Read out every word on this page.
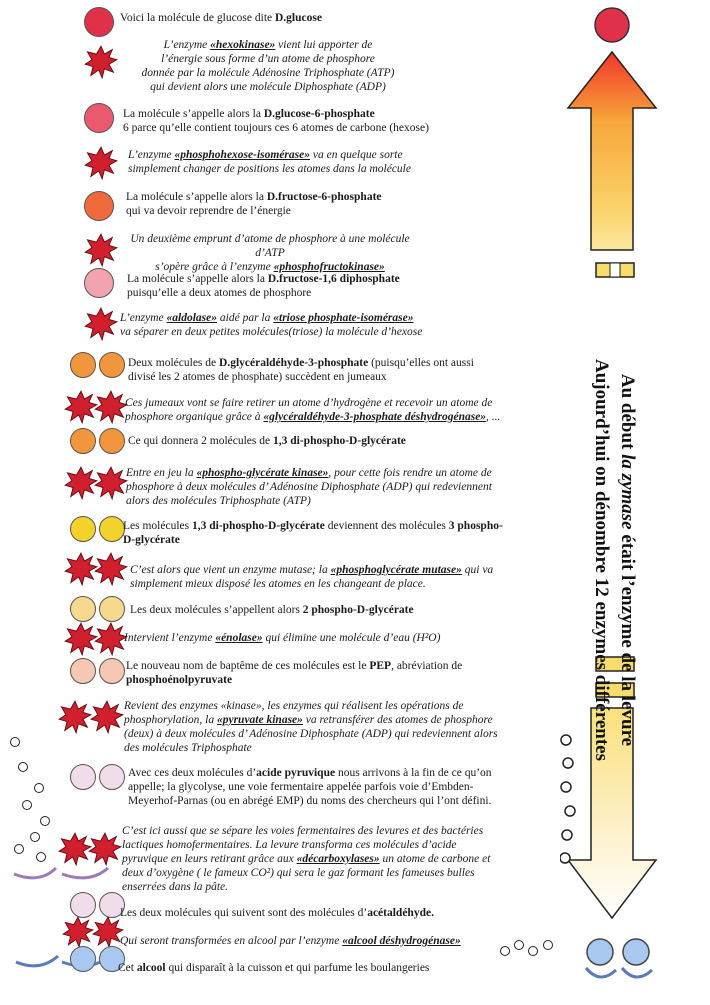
Au début la zymase était l’enzyme de la levure
Aujourd’hui on dénombre 12 enzymes différentes
Voici la molécule de glucose dite D.glucose
L’enzyme «hexokinase» vient lui apporter de
l’énergie sous forme d’un atome de phosphore
donnée par la molécule Adénosine Triphosphate (ATP)
qui devient alors une molécule Diphosphate (ADP)
La molécule s’appelle alors la D.glucose-6-phosphate
6 parce qu’elle contient toujours ces 6 atomes de carbone (hexose)
L’enzyme «phosphohexose-isomérase» va en quelque sorte
simplement changer de positions les atomes dans la molécule
La molécule s’appelle alors la D.fructose-6-phosphate
qui va devoir reprendre de l’énergie
Un deuxième emprunt d’atome de phosphore à une molécule d’ATP
s’opère grâce à l’enzyme «phosphofructokinase»
La molécule s’appelle alors la D.fructose-1,6 diphosphate
puisqu’elle a deux atomes de phosphore
L’enzyme «aldolase» aidé par la «triose phosphate-isomérase»
va séparer en deux petites molécules(triose) la molécule d’hexose
Deux molécules de D.glycéraldéhyde-3-phosphate (puisqu’elles ont aussi
divisé les 2 atomes de phosphate) succèdent en jumeaux
Ces jumeaux vont se faire retirer un atome d’hydrogène et recevoir un atome de
phosphore organique grâce à «glycéraldéhyde-3-phosphate déshydrogénase», ...
Ce qui donnera 2 molécules de 1,3 di-phospho-D-glycérate
Entre en jeu la «phospho-glycérate kinase», pour cette fois rendre un atome de
phosphore à deux molécules d’ Adénosine Diphosphate (ADP) qui redeviennent
alors des molécules Triphosphate (ATP)
Les molécules 1,3 di-phospho-D-glycérate deviennent des molécules 3 phospho-
D-glycérate
C’est alors que vient un enzyme mutase; la «phosphoglycérate mutase» qui va
simplement mieux disposé les atomes en les changeant de place.
Les deux molécules s’appellent alors 2 phospho-D-glycérate
Intervient l’enzyme «énolase» qui élimine une molécule d’eau (H²O)
Le nouveau nom de baptême de ces molécules est le PEP, abréviation de
phosphoénolpyruvate
Revient des enzymes «kinase», les enzymes qui réalisent les opérations de
phosphorylation, la «pyruvate kinase» va retransférer des atomes de phosphore
(deux) à deux molécules d’ Adénosine Diphosphate (ADP) qui redeviennent alors
des molécules Triphosphate
Avec ces deux molécules d’acide pyruvique nous arrivons à la fin de ce qu’on
appelle; la glycolyse, une voie fermentaire appelée parfois voie d’Embden-
Meyerhof-Parnas (ou en abrégé EMP) du noms des chercheurs qui l’ont défini.
C’est ici aussi que se sépare les voies fermentaires des levures et des bactéries
lactiques homofermentaires. La levure transforma ces molécules d’acide
pyruvique en leurs retirant grâce aux «décarboxylases» un atome de carbone et
deux d’oxygène ( le fameux CO²) qui sera le gaz formant les fameuses bulles
enserrées dans la pâte.
Les deux molécules qui suivent sont des molécules d’acétaldéhyde.
Qui seront transformées en alcool par l’enzyme «alcool déshydrogénase»
Cet alcool qui disparaît à la cuisson et qui parfume les boulangeries
